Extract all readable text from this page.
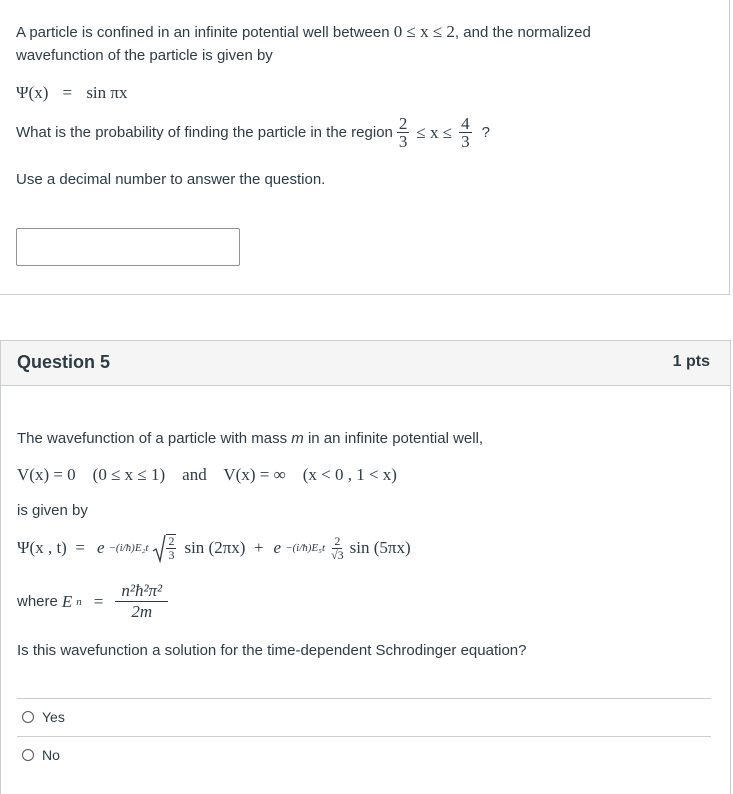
A particle is confined in an infinite potential well between 0 ≤ x ≤ 2, and the normalized

wavefunction of the particle is given by

Ψ(x) = sin πx

What is the probability of finding the particle in the region $\frac{2}{3} \le x \le \frac{4}{3}$ ?

Use a decimal number to answer the question.

Question 5	1 pts

The wavefunction of a particle with mass m in an infinite potential well,

V(x) = 0    (0 ≤ x ≤ 1)    and    V(x) = ∞    (x < 0 , 1 < x)

is given by

Ψ(x , t)  = e −(i/ħ)E₂t $\frac{2}{3}$ sin (2πx)  + e −(i/ħ)E₅t $\frac{2}{√3}$ sin (5πx)
where E $n = \frac{\text{n²ħ²π²}}{2m}$

Is this wavefunction a solution for the time-dependent Schrodinger equation?

Yes
No
